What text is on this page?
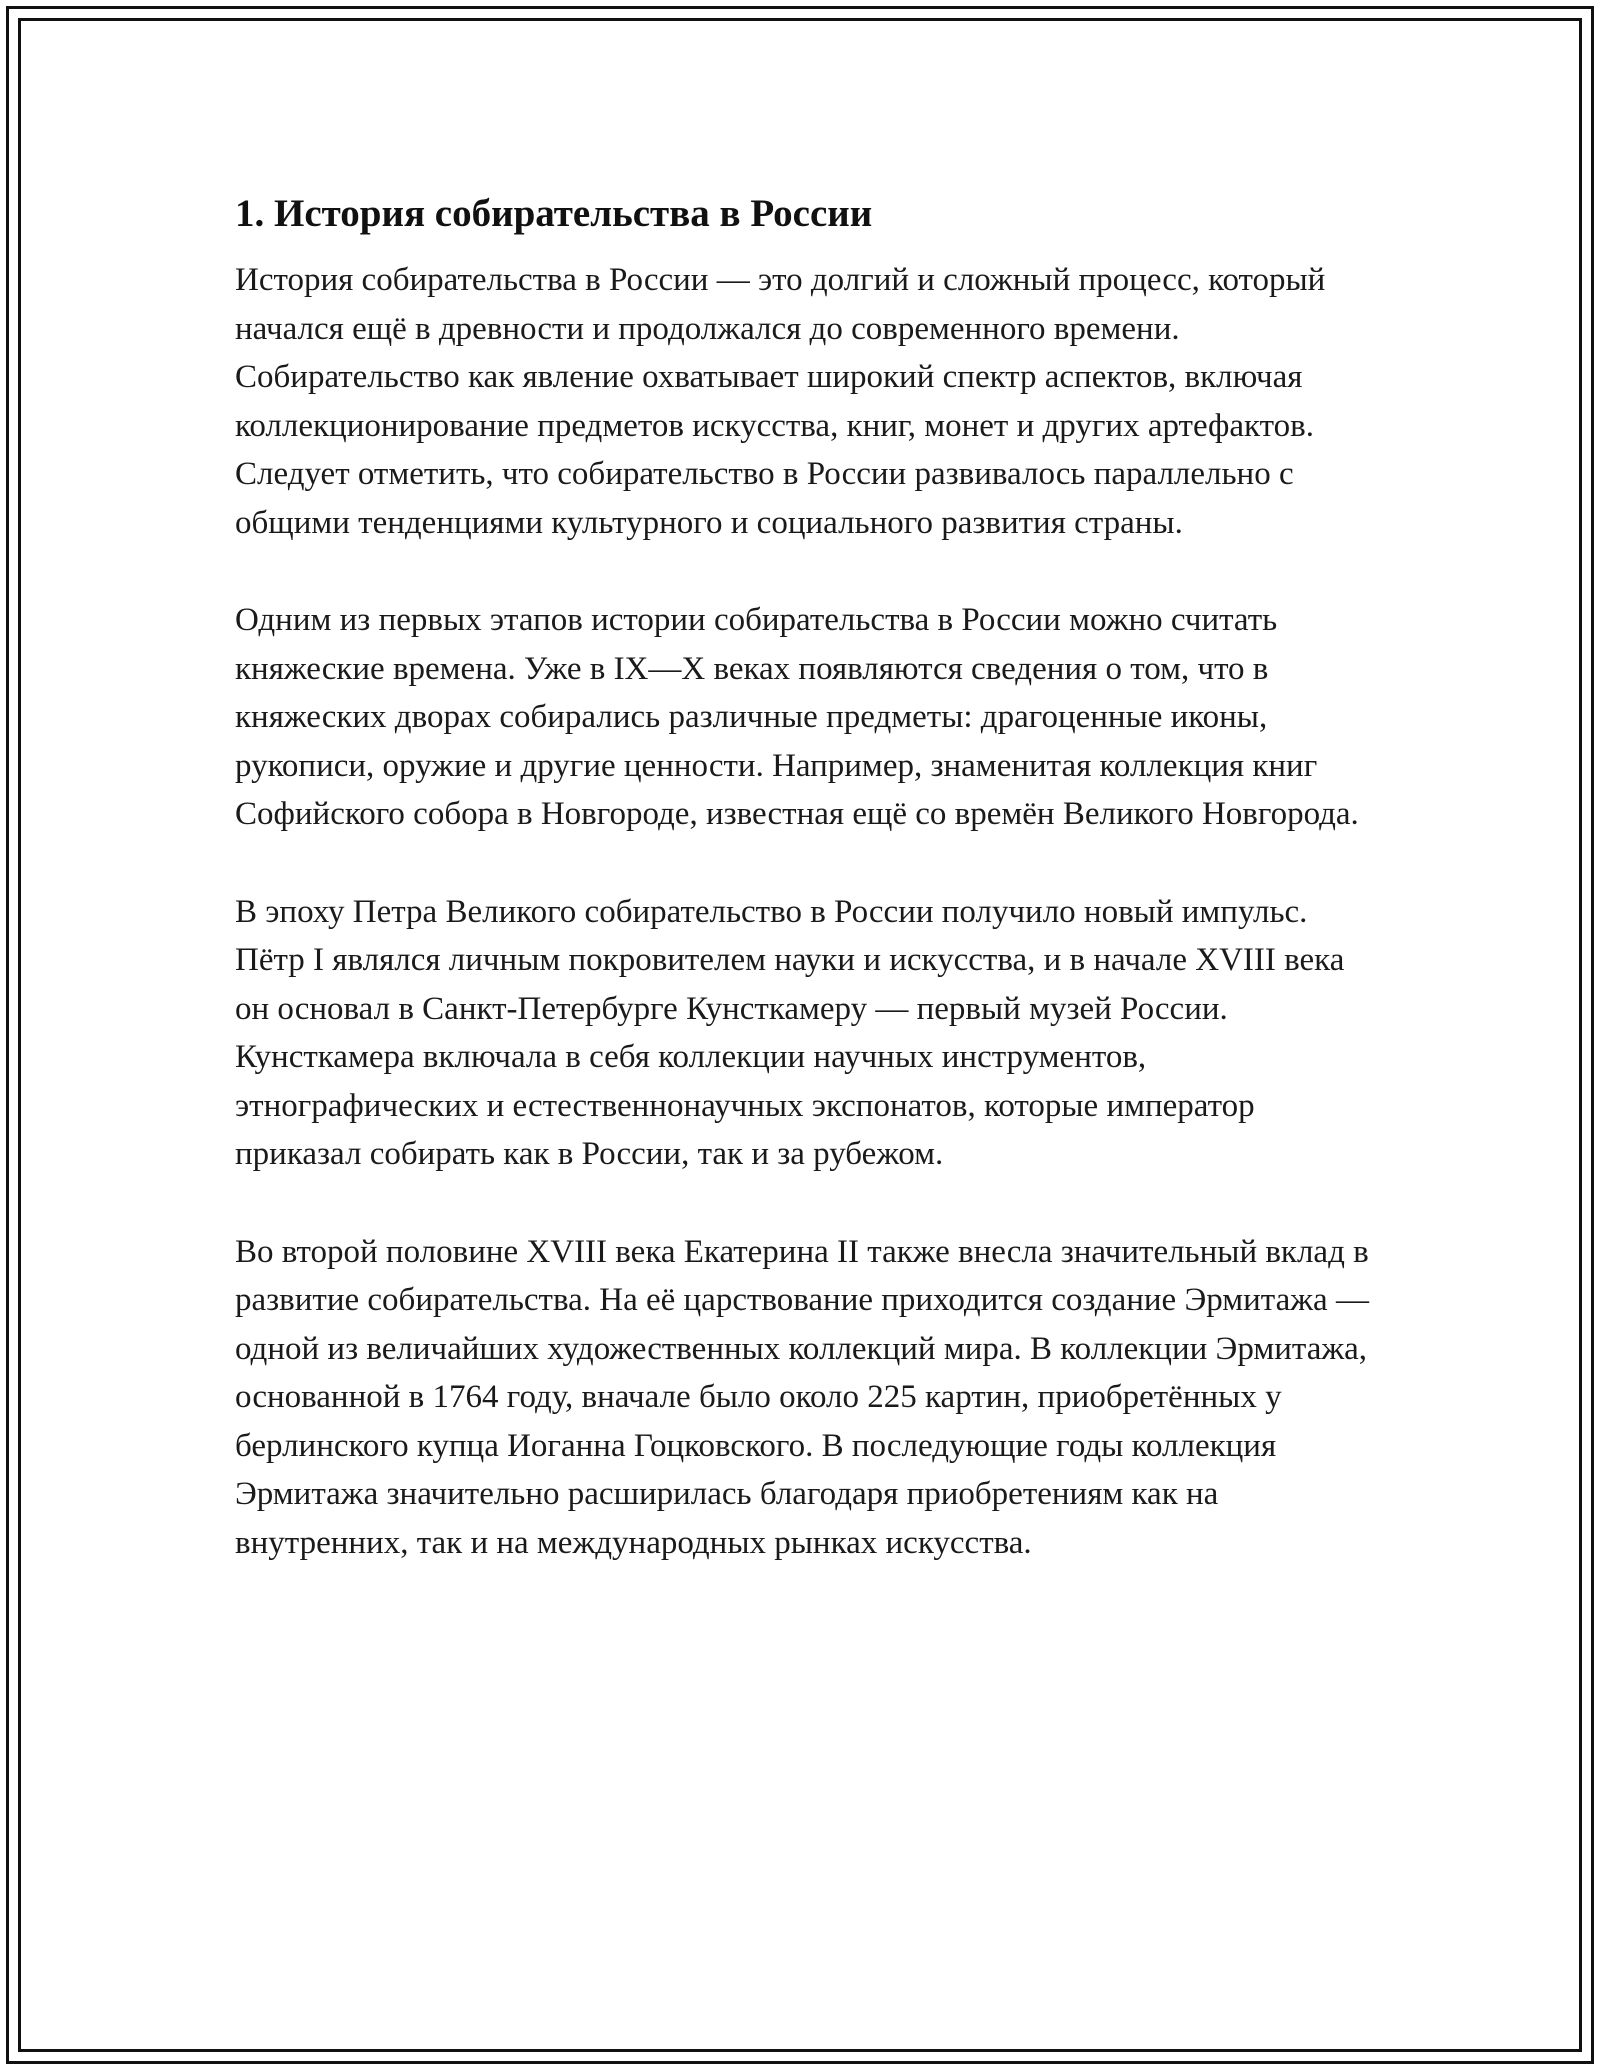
1. История собирательства в России

История собирательства в России — это долгий и сложный процесс, который начался ещё в древности и продолжался до современного времени. Собирательство как явление охватывает широкий спектр аспектов, включая коллекционирование предметов искусства, книг, монет и других артефактов. Следует отметить, что собирательство в России развивалось параллельно с общими тенденциями культурного и социального развития страны.

Одним из первых этапов истории собирательства в России можно считать княжеские времена. Уже в IX—X веках появляются сведения о том, что в княжеских дворах собирались различные предметы: драгоценные иконы, рукописи, оружие и другие ценности. Например, знаменитая коллекция книг Софийского собора в Новгороде, известная ещё со времён Великого Новгорода.

В эпоху Петра Великого собирательство в России получило новый импульс. Пётр I являлся личным покровителем науки и искусства, и в начале XVIII века он основал в Санкт-Петербурге Кунсткамеру — первый музей России. Кунсткамера включала в себя коллекции научных инструментов, этнографических и естественнонаучных экспонатов, которые император приказал собирать как в России, так и за рубежом.

Во второй половине XVIII века Екатерина II также внесла значительный вклад в развитие собирательства. На её царствование приходится создание Эрмитажа — одной из величайших художественных коллекций мира. В коллекции Эрмитажа, основанной в 1764 году, вначале было около 225 картин, приобретённых у берлинского купца Иоганна Гоцковского. В последующие годы коллекция Эрмитажа значительно расширилась благодаря приобретениям как на внутренних, так и на международных рынках искусства.
